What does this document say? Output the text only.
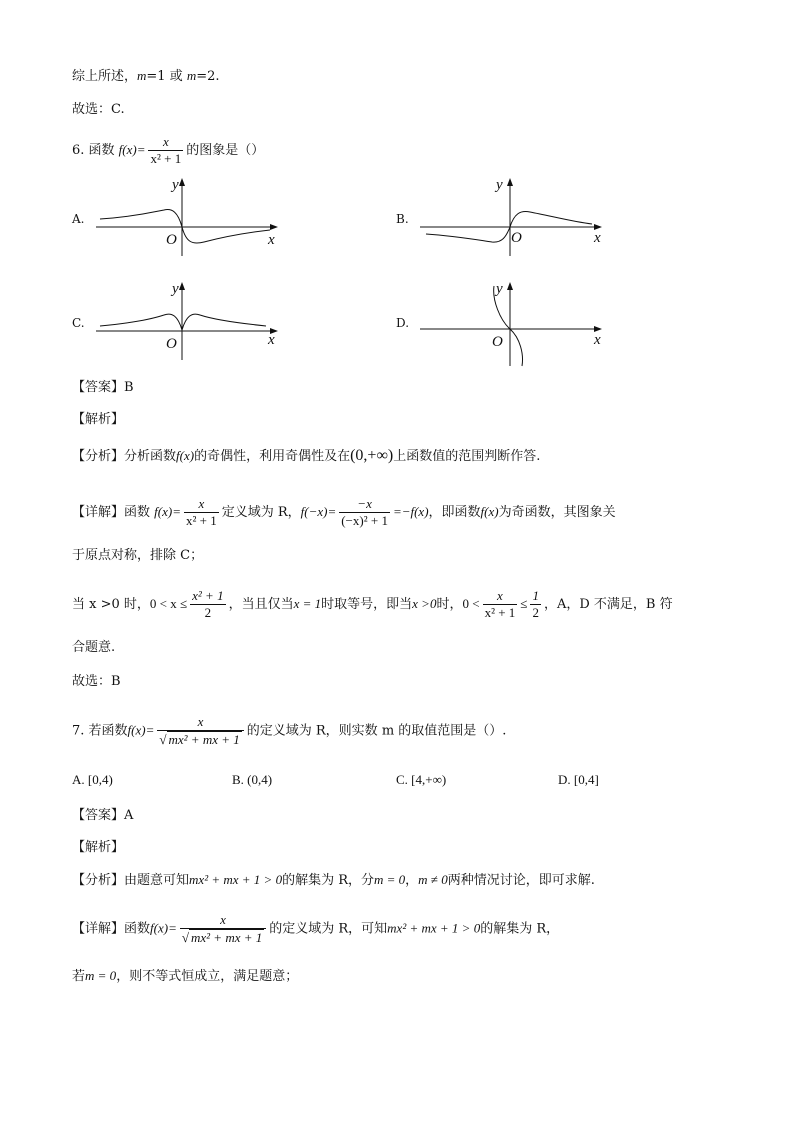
综上所述，m=1 或 m=2.
故选：C.
6. 函数 $f(x)= \frac{x}{\text{x² + 1}}$ 的图象是（）
A.
y
x
O
B.
y
x
O
C.
y
x
O
D.
y
x
O
【答案】B
【解析】
【分析】分析函数f(x)的奇偶性，利用奇偶性及在(0,+∞)上函数值的范围判断作答.
【详解】函数 $f(x)= \frac{x}{\text{x² + 1}}$ 定义域为 R，$f(-x)= \frac{-x}{\text{(−x)² + 1}} =-f(x)$，即函数f(x)为奇函数，其图象关
于原点对称，排除 C；
当 x >0 时，$0 < x \le \frac{\text{x² + 1}}{2}$ ，当且仅当x = 1时取等号，即当x >0时，$0 < \frac{x}{\text{x² + 1}} \le \frac{1}{2}$ ，A，D 不满足，B 符
合题意.
故选：B
7. 若函数$f(x)= \frac{x}{\text{√ mx² + mx + 1}}$ 的定义域为 R，则实数 m 的取值范围是（）.
A. [0,4)	B. (0,4)	C. [4,+∞)	D. [0,4]
【答案】A
【解析】
【分析】由题意可知mx² + mx + 1 > 0的解集为 R，分m = 0，m ≠ 0两种情况讨论，即可求解.
【详解】函数$f(x)= \frac{x}{\text{√ mx² + mx + 1}}$ 的定义域为 R，可知mx² + mx + 1 > 0的解集为 R，
若m = 0，则不等式恒成立，满足题意；
